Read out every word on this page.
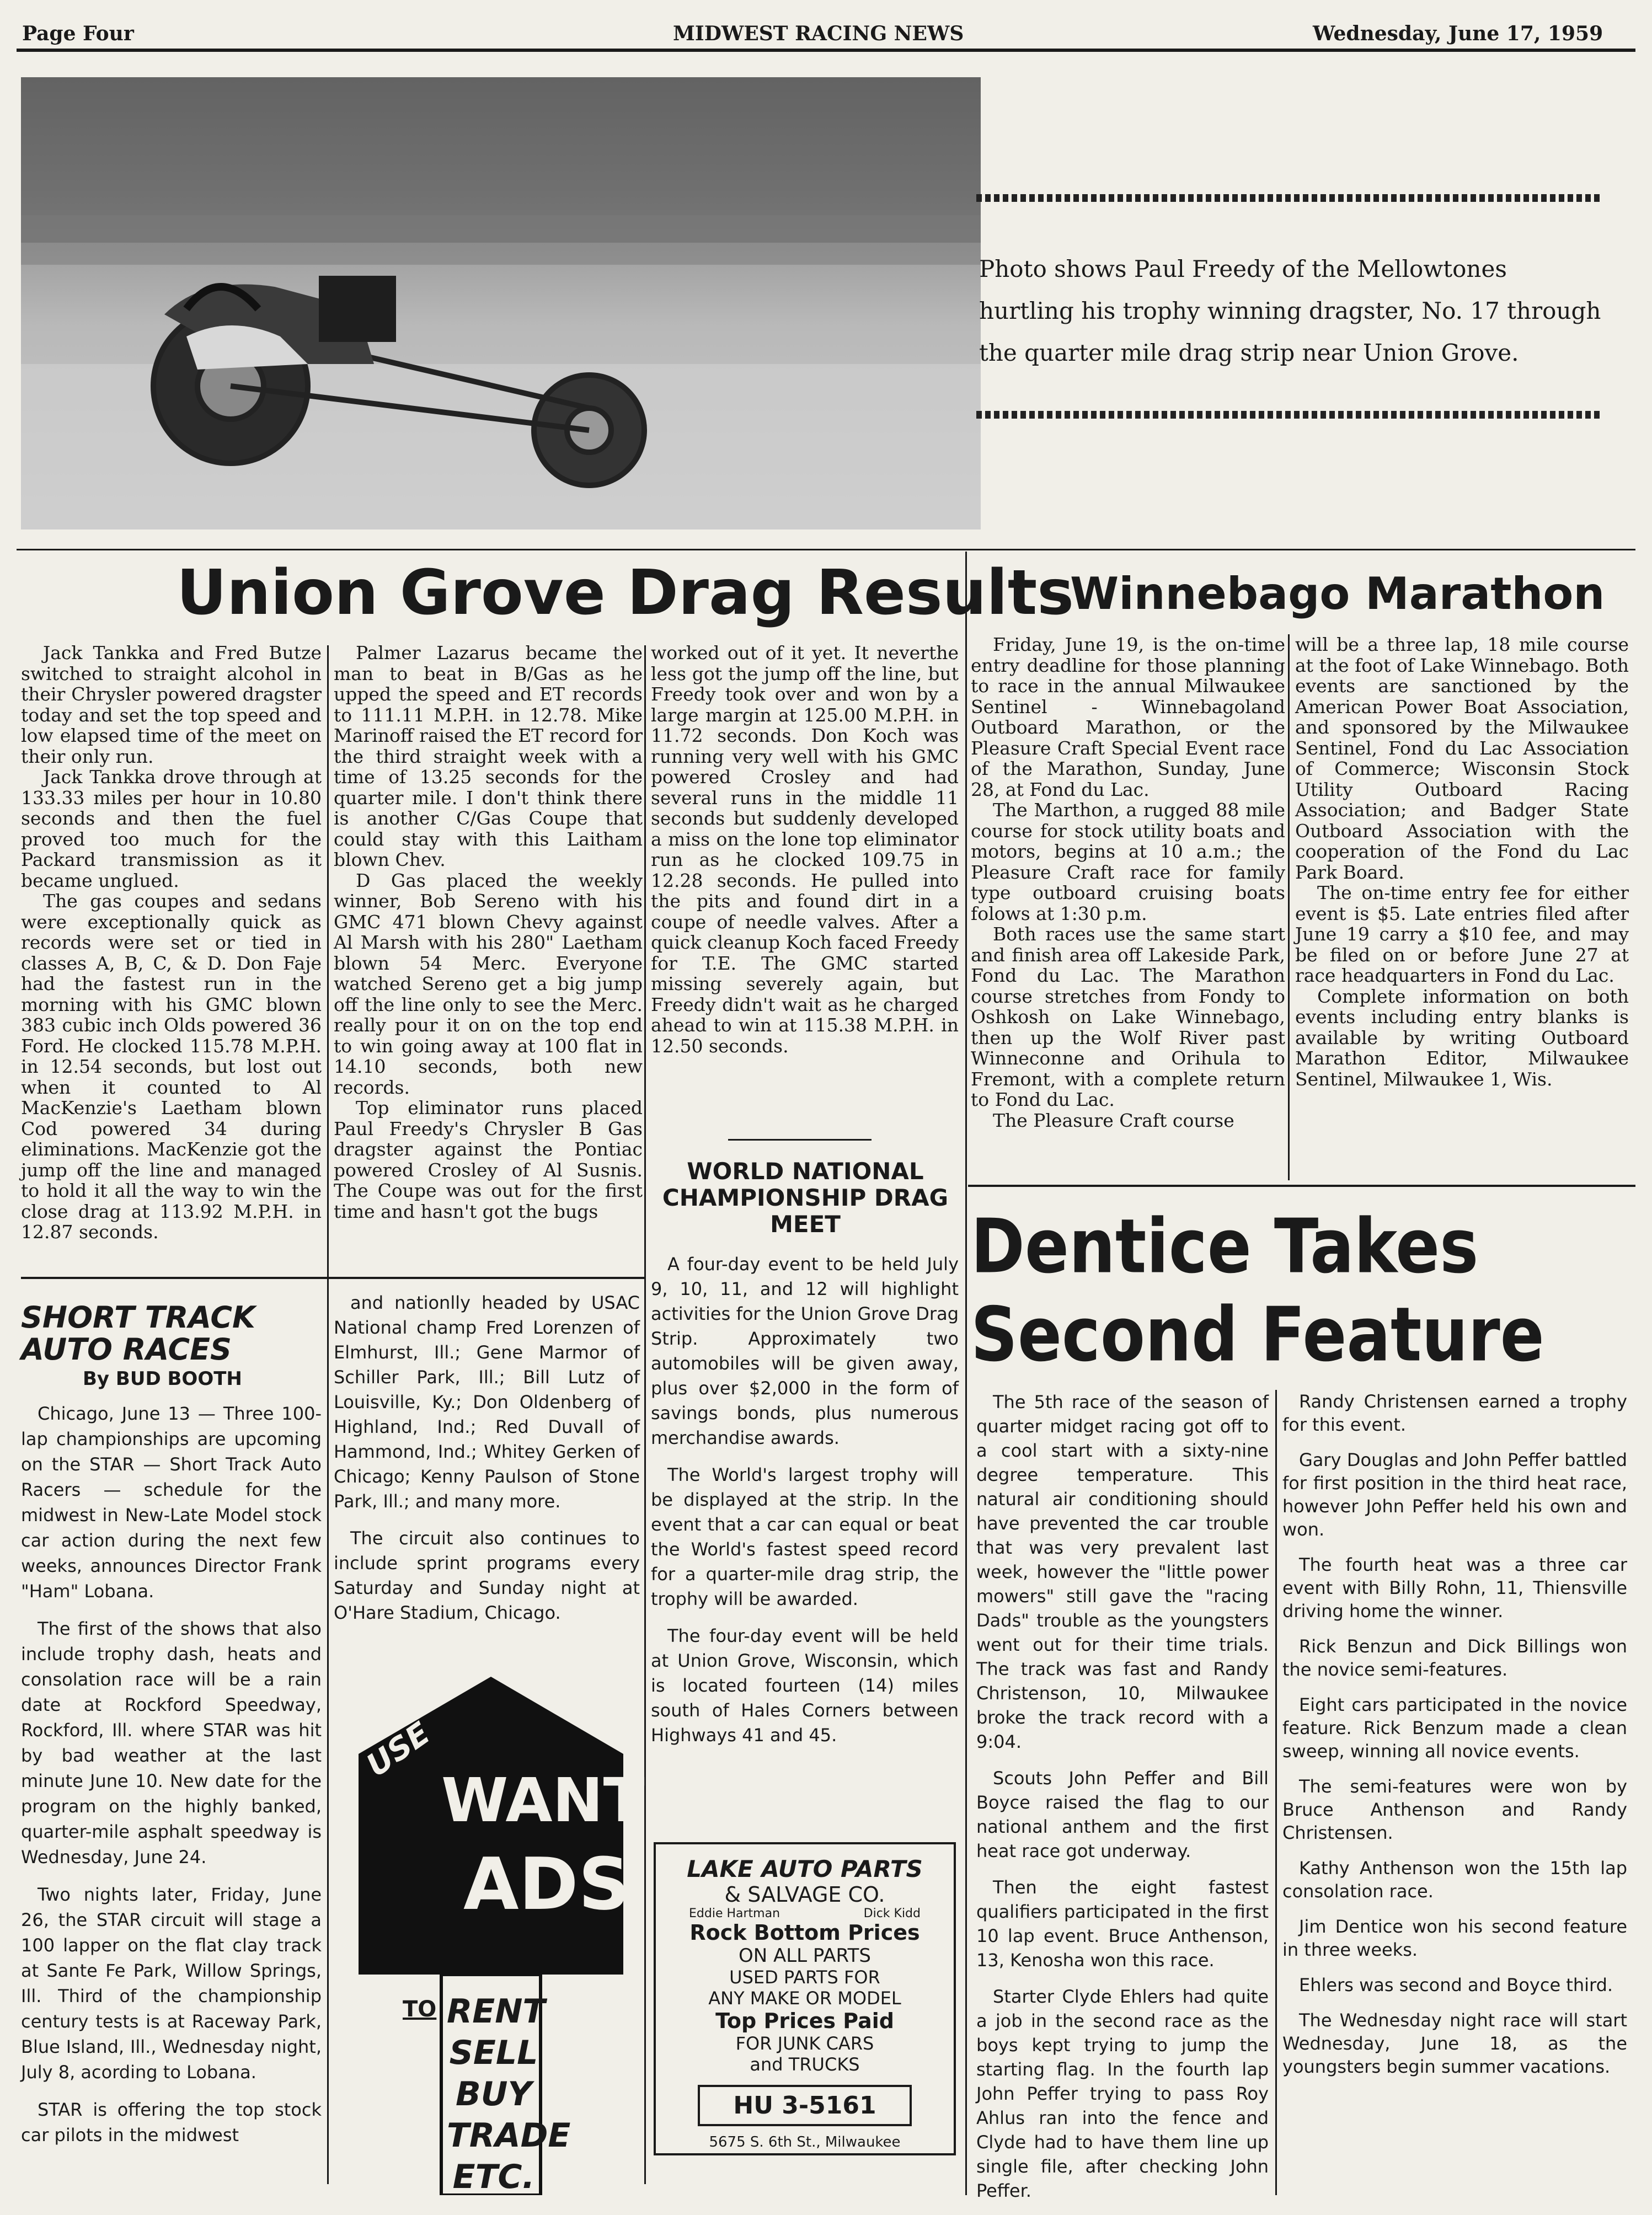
Page Four	MIDWEST RACING NEWS	Wednesday, June 17, 1959
Photo shows Paul Freedy of the Mellowtones hurtling his trophy winning dragster, No. 17 through the quarter mile drag strip near Union Grove.
Union Grove Drag Results

Jack Tankka and Fred Butze switched to straight alcohol in their Chrysler powered dragster today and set the top speed and low elapsed time of the meet on their only run.

Jack Tankka drove through at 133.33 miles per hour in 10.80 seconds and then the fuel proved too much for the Packard transmission as it became unglued.

The gas coupes and sedans were exceptionally quick as records were set or tied in classes A, B, C, & D. Don Faje had the fastest run in the morning with his GMC blown 383 cubic inch Olds powered 36 Ford. He clocked 115.78 M.P.H. in 12.54 seconds, but lost out when it counted to Al MacKenzie's Laetham blown Cod powered 34 during eliminations. MacKenzie got the jump off the line and managed to hold it all the way to win the close drag at 113.92 M.P.H. in 12.87 seconds.

Palmer Lazarus became the man to beat in B/Gas as he upped the speed and ET records to 111.11 M.P.H. in 12.78. Mike Marinoff raised the ET record for the third straight week with a time of 13.25 seconds for the quarter mile. I don't think there is another C/Gas Coupe that could stay with this Laitham blown Chev.

D Gas placed the weekly winner, Bob Sereno with his GMC 471 blown Chevy against Al Marsh with his 280" Laetham blown 54 Merc. Everyone watched Sereno get a big jump off the line only to see the Merc. really pour it on on the top end to win going away at 100 flat in 14.10 seconds, both new records.

Top eliminator runs placed Paul Freedy's Chrysler B Gas dragster against the Pontiac powered Crosley of Al Susnis. The Coupe was out for the first time and hasn't got the bugs

worked out of it yet. It neverthe less got the jump off the line, but Freedy took over and won by a large margin at 125.00 M.P.H. in 11.72 seconds. Don Koch was running very well with his GMC powered Crosley and had several runs in the middle 11 seconds but suddenly developed a miss on the lone top eliminator run as he clocked 109.75 in 12.28 seconds. He pulled into the pits and found dirt in a coupe of needle valves. After a quick cleanup Koch faced Freedy for T.E. The GMC started missing severely again, but Freedy didn't wait as he charged ahead to win at 115.38 M.P.H. in 12.50 seconds.

WORLD NATIONAL CHAMPIONSHIP DRAG MEET

A four-day event to be held July 9, 10, 11, and 12 will highlight activities for the Union Grove Drag Strip. Approximately two automobiles will be given away, plus over $2,000 in the form of savings bonds, plus numerous merchandise awards.

The World's largest trophy will be displayed at the strip. In the event that a car can equal or beat the World's fastest speed record for a quarter-mile drag strip, the trophy will be awarded.

The four-day event will be held at Union Grove, Wisconsin, which is located fourteen (14) miles south of Hales Corners between Highways 41 and 45.

SHORT TRACK
AUTO RACES
By BUD BOOTH

Chicago, June 13 — Three 100-lap championships are upcoming on the STAR — Short Track Auto Racers — schedule for the midwest in New-Late Model stock car action during the next few weeks, announces Director Frank "Ham" Lobana.

The first of the shows that also include trophy dash, heats and consolation race will be a rain date at Rockford Speedway, Rockford, Ill. where STAR was hit by bad weather at the last minute June 10. New date for the program on the highly banked, quarter-mile asphalt speedway is Wednesday, June 24.

Two nights later, Friday, June 26, the STAR circuit will stage a 100 lapper on the flat clay track at Sante Fe Park, Willow Springs, Ill. Third of the championship century tests is at Raceway Park, Blue Island, Ill., Wednesday night, July 8, acording to Lobana.

STAR is offering the top stock car pilots in the midwest

and nationlly headed by USAC National champ Fred Lorenzen of Elmhurst, Ill.; Gene Marmor of Schiller Park, Ill.; Bill Lutz of Louisville, Ky.; Don Oldenberg of Highland, Ind.; Red Duvall of Hammond, Ind.; Whitey Gerken of Chicago; Kenny Paulson of Stone Park, Ill.; and many more.

The circuit also continues to include sprint programs every Saturday and Sunday night at O'Hare Stadium, Chicago.

USE
WANT
ADS
TO RENT
SELL
BUY
TRADE
ETC.
LAKE AUTO PARTS
& SALVAGE CO.
Eddie Hartman	Dick Kidd
Rock Bottom Prices
ON ALL PARTS
USED PARTS FOR
ANY MAKE OR MODEL
Top Prices Paid
FOR JUNK CARS
and TRUCKS
HU 3-5161
5675 S. 6th St., Milwaukee
Winnebago Marathon

Friday, June 19, is the on-time entry deadline for those planning to race in the annual Milwaukee Sentinel - Winnebagoland Outboard Marathon, or the Pleasure Craft Special Event race of the Marathon, Sunday, June 28, at Fond du Lac.

The Marthon, a rugged 88 mile course for stock utility boats and motors, begins at 10 a.m.; the Pleasure Craft race for family type outboard cruising boats folows at 1:30 p.m.

Both races use the same start and finish area off Lakeside Park, Fond du Lac. The Marathon course stretches from Fondy to Oshkosh on Lake Winnebago, then up the Wolf River past Winneconne and Orihula to Fremont, with a complete return to Fond du Lac.

The Pleasure Craft course

will be a three lap, 18 mile course at the foot of Lake Winnebago. Both events are sanctioned by the American Power Boat Association, and sponsored by the Milwaukee Sentinel, Fond du Lac Association of Commerce; Wisconsin Stock Utility Outboard Racing Association; and Badger State Outboard Association with the cooperation of the Fond du Lac Park Board.

The on-time entry fee for either event is $5. Late entries filed after June 19 carry a $10 fee, and may be filed on or before June 27 at race headquarters in Fond du Lac.

Complete information on both events including entry blanks is available by writing Outboard Marathon Editor, Milwaukee Sentinel, Milwaukee 1, Wis.

Dentice Takes
Second Feature

The 5th race of the season of quarter midget racing got off to a cool start with a sixty-nine degree temperature. This natural air conditioning should have prevented the car trouble that was very prevalent last week, however the "little power mowers" still gave the "racing Dads" trouble as the youngsters went out for their time trials. The track was fast and Randy Christenson, 10, Milwaukee broke the track record with a 9:04.

Scouts John Peffer and Bill Boyce raised the flag to our national anthem and the first heat race got underway.

Then the eight fastest qualifiers participated in the first 10 lap event. Bruce Anthenson, 13, Kenosha won this race.

Starter Clyde Ehlers had quite a job in the second race as the boys kept trying to jump the starting flag. In the fourth lap John Peffer trying to pass Roy Ahlus ran into the fence and Clyde had to have them line up single file, after checking John Peffer.

Randy Christensen earned a trophy for this event.

Gary Douglas and John Peffer battled for first position in the third heat race, however John Peffer held his own and won.

The fourth heat was a three car event with Billy Rohn, 11, Thiensville driving home the winner.

Rick Benzun and Dick Billings won the novice semi-features.

Eight cars participated in the novice feature. Rick Benzum made a clean sweep, winning all novice events.

The semi-features were won by Bruce Anthenson and Randy Christensen.

Kathy Anthenson won the 15th lap consolation race.

Jim Dentice won his second feature in three weeks.

Ehlers was second and Boyce third.

The Wednesday night race will start Wednesday, June 18, as the youngsters begin summer vacations.
